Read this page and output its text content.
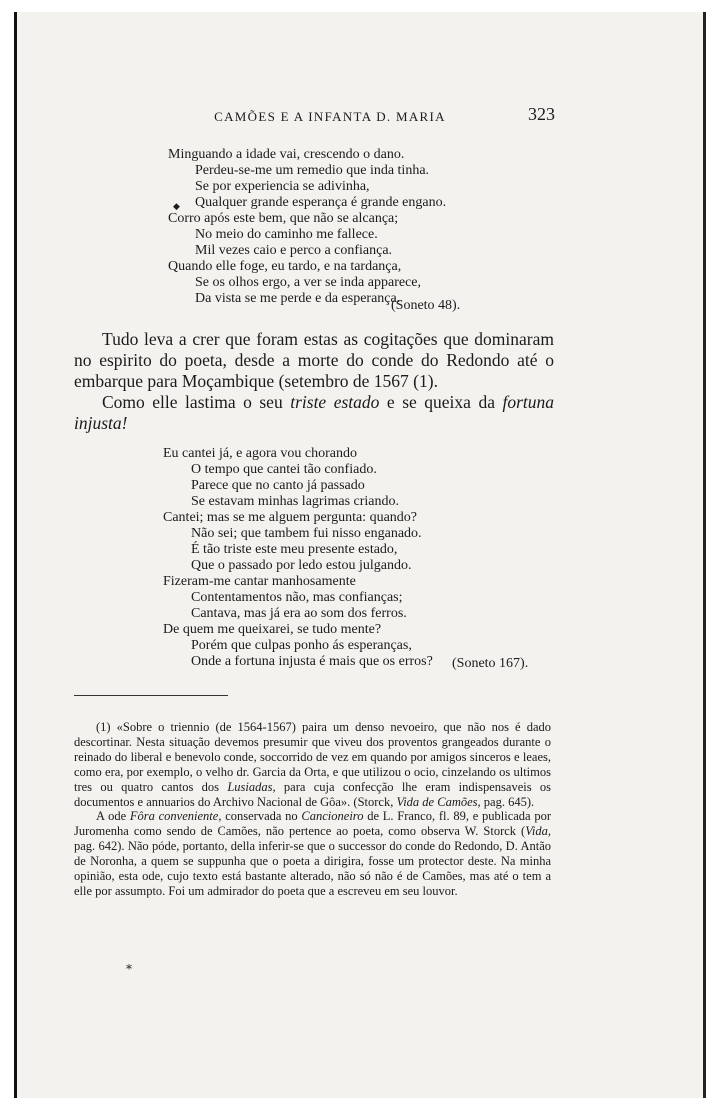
CAMÕES E A INFANTA D. MARIA	323
Minguando a idade vai, crescendo o dano.
Perdeu-se-me um remedio que inda tinha.
Se por experiencia se adivinha,
◆ Qualquer grande esperança é grande engano.
Corro após este bem, que não se alcança;
No meio do caminho me fallece.
Mil vezes caio e perco a confiança.
Quando elle foge, eu tardo, e na tardança,
Se os olhos ergo, a ver se inda apparece,
Da vista se me perde e da esperança.
(Soneto 48).

Tudo leva a crer que foram estas as cogitações que dominaram no espirito do poeta, desde a morte do conde do Redondo até o embarque para Moçambique (setembro de 1567 (1).

Como elle lastima o seu triste estado e se queixa da fortuna injusta!

Eu cantei já, e agora vou chorando
O tempo que cantei tão confiado.
Parece que no canto já passado
Se estavam minhas lagrimas criando.
Cantei; mas se me alguem pergunta: quando?
Não sei; que tambem fui nisso enganado.
É tão triste este meu presente estado,
Que o passado por ledo estou julgando.
Fizeram-me cantar manhosamente
Contentamentos não, mas confianças;
Cantava, mas já era ao som dos ferros.
De quem me queixarei, se tudo mente?
Porém que culpas ponho ás esperanças,
Onde a fortuna injusta é mais que os erros? (Soneto 167).

(1) «Sobre o triennio (de 1564-1567) paira um denso nevoeiro, que não nos é dado descortinar. Nesta situação devemos presumir que viveu dos proventos grangeados durante o reinado do liberal e benevolo conde, soccorrido de vez em quando por amigos sinceros e leaes, como era, por exemplo, o velho dr. Garcia da Orta, e que utilizou o ocio, cinzelando os ultimos tres ou quatro cantos dos Lusiadas, para cuja confecção lhe eram indispensaveis os documentos e annuarios do Archivo Nacional de Gôa». (Storck, Vida de Camões, pag. 645).

A ode Fôra conveniente, conservada no Cancioneiro de L. Franco, fl. 89, e publicada por Juromenha como sendo de Camões, não pertence ao poeta, como observa W. Storck (Vida, pag. 642). Não póde, portanto, della inferir-se que o successor do conde do Redondo, D. Antão de Noronha, a quem se suppunha que o poeta a dirigira, fosse um protector deste. Na minha opinião, esta ode, cujo texto está bastante alterado, não só não é de Camões, mas até o tem a elle por assumpto. Foi um admirador do poeta que a escreveu em seu louvor.

*
